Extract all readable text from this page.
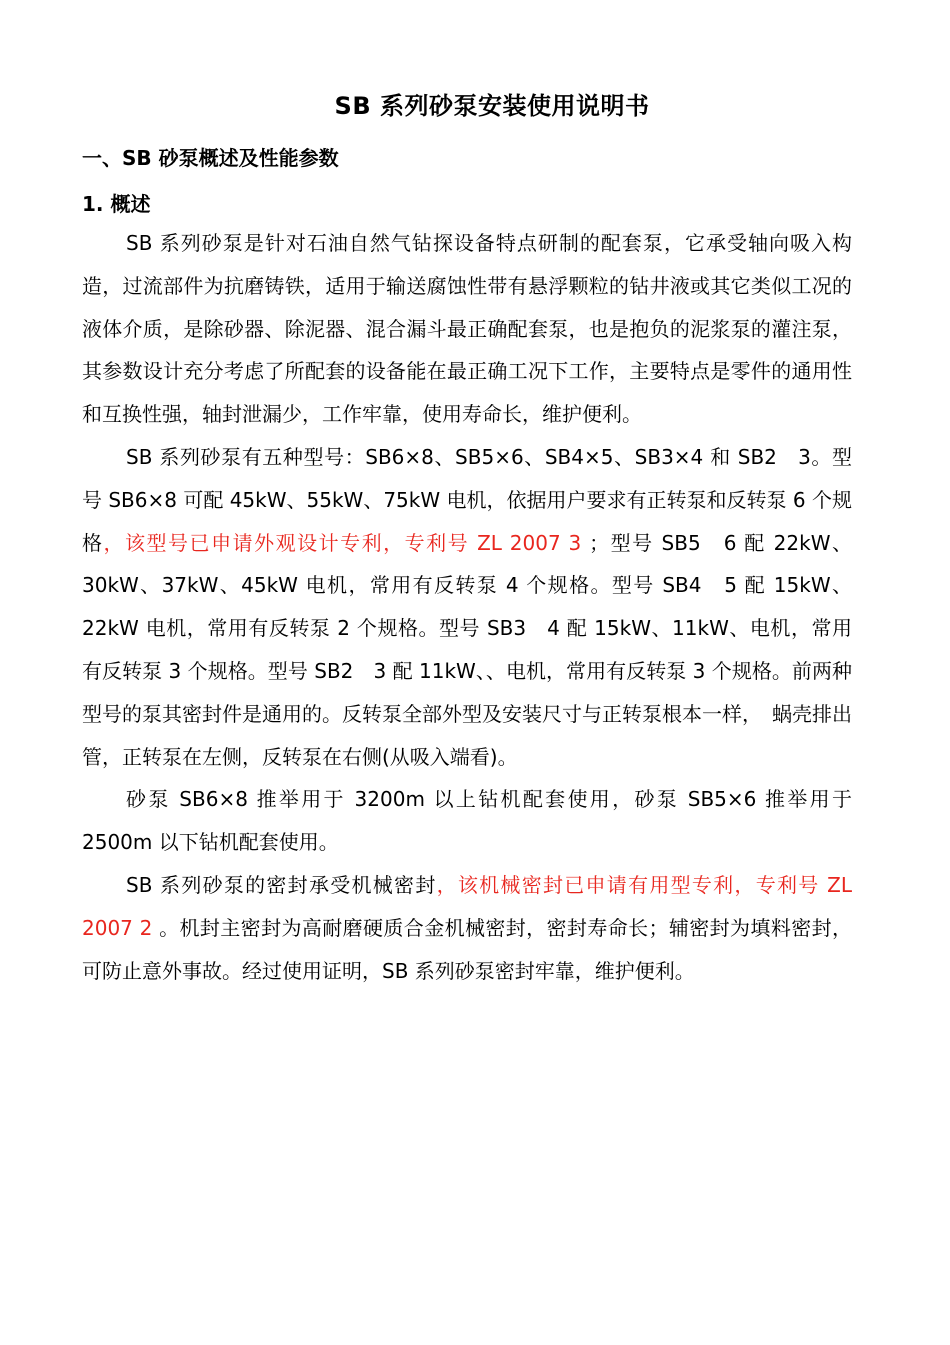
SB 系列砂泵安装使用说明书
一、SB 砂泵概述及性能参数
1. 概述

SB 系列砂泵是针对石油自然气钻探设备特点研制的配套泵，它承受轴向吸入构造，过流部件为抗磨铸铁，适用于输送腐蚀性带有悬浮颗粒的钻井液或其它类似工况的液体介质，是除砂器、除泥器、混合漏斗最正确配套泵，也是抱负的泥浆泵的灌注泵，其参数设计充分考虑了所配套的设备能在最正确工况下工作，主要特点是零件的通用性和互换性强，轴封泄漏少，工作牢靠，使用寿命长，维护便利。

SB 系列砂泵有五种型号：SB6×8、SB5×6、SB4×5、SB3×4 和 SB2　3。型号 SB6×8 可配 45kW、55kW、75kW 电机，依据用户要求有正转泵和反转泵 6 个规格，该型号已申请外观设计专利，专利号 ZL 2007 3 ；型号 SB5　6 配 22kW、30kW、37kW、45kW 电机，常用有反转泵 4 个规格。型号 SB4　5 配 15kW、22kW 电机，常用有反转泵 2 个规格。型号 SB3　4 配 15kW、11kW、电机，常用有反转泵 3 个规格。型号 SB2　3 配 11kW、、电机，常用有反转泵 3 个规格。前两种型号的泵其密封件是通用的。反转泵全部外型及安装尺寸与正转泵根本一样，　蜗壳排出管，正转泵在左侧，反转泵在右侧(从吸入端看)。

砂泵 SB6×8 推举用于 3200m 以上钻机配套使用，砂泵 SB5×6 推举用于 2500m 以下钻机配套使用。

SB 系列砂泵的密封承受机械密封，该机械密封已申请有用型专利，专利号 ZL 2007 2 。机封主密封为高耐磨硬质合金机械密封，密封寿命长；辅密封为填料密封，可防止意外事故。经过使用证明，SB 系列砂泵密封牢靠，维护便利。
